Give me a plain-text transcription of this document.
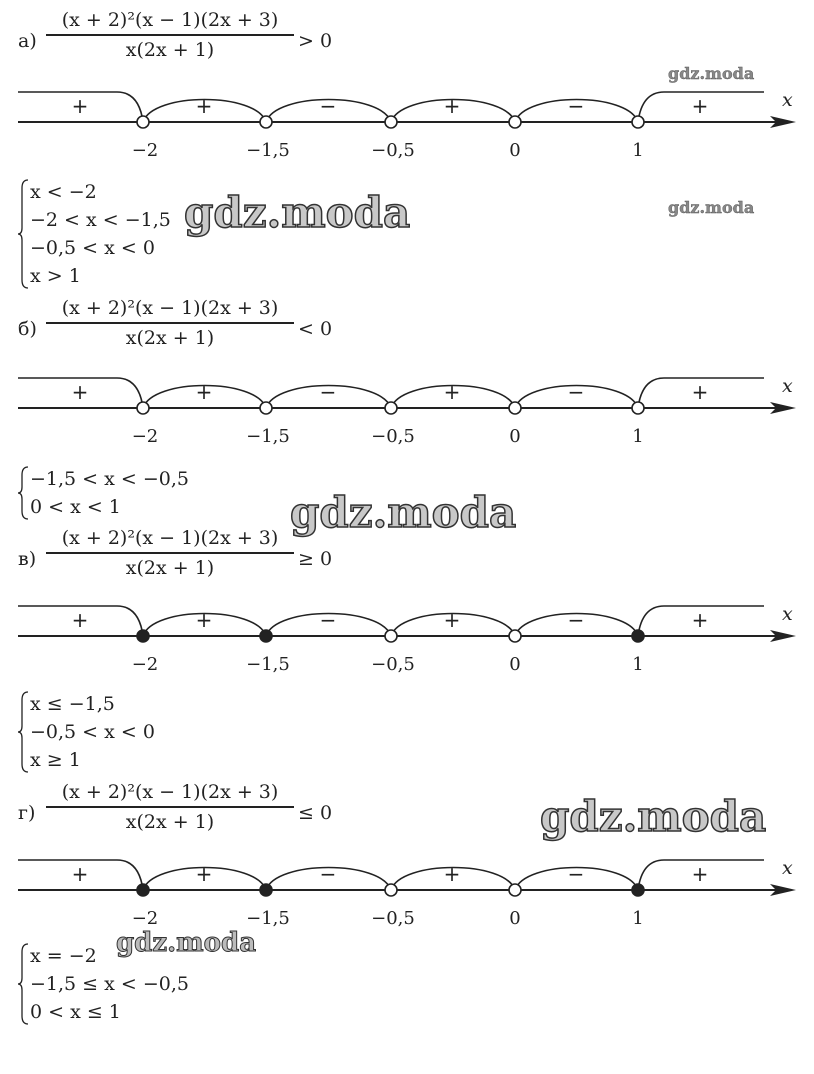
а)
(x + 2)²(x − 1)(2x + 3)
x(2x + 1)	> 0
x
+	+	−	+	−	+
−2	−1,5	−0,5	0	1
x < −2
−2 < x < −1,5
−0,5 < x < 0
x > 1
б)
(x + 2)²(x − 1)(2x + 3)
x(2x + 1)	< 0
x
+	+	−	+	−	+
−2	−1,5	−0,5	0	1
−1,5 < x < −0,5
0 < x < 1
в)
(x + 2)²(x − 1)(2x + 3)
x(2x + 1)	≥ 0
x
+	+	−	+	−	+
−2	−1,5	−0,5	0	1
x ≤ −1,5
−0,5 < x < 0
x ≥ 1
г)
(x + 2)²(x − 1)(2x + 3)
x(2x + 1)	≤ 0
x
+	+	−	+	−	+
−2	−1,5	−0,5	0	1
x = −2
−1,5 ≤ x < −0,5
0 < x ≤ 1
gdz.moda
gdz.moda	gdz.moda
gdz.moda
gdz.moda
gdz.moda
